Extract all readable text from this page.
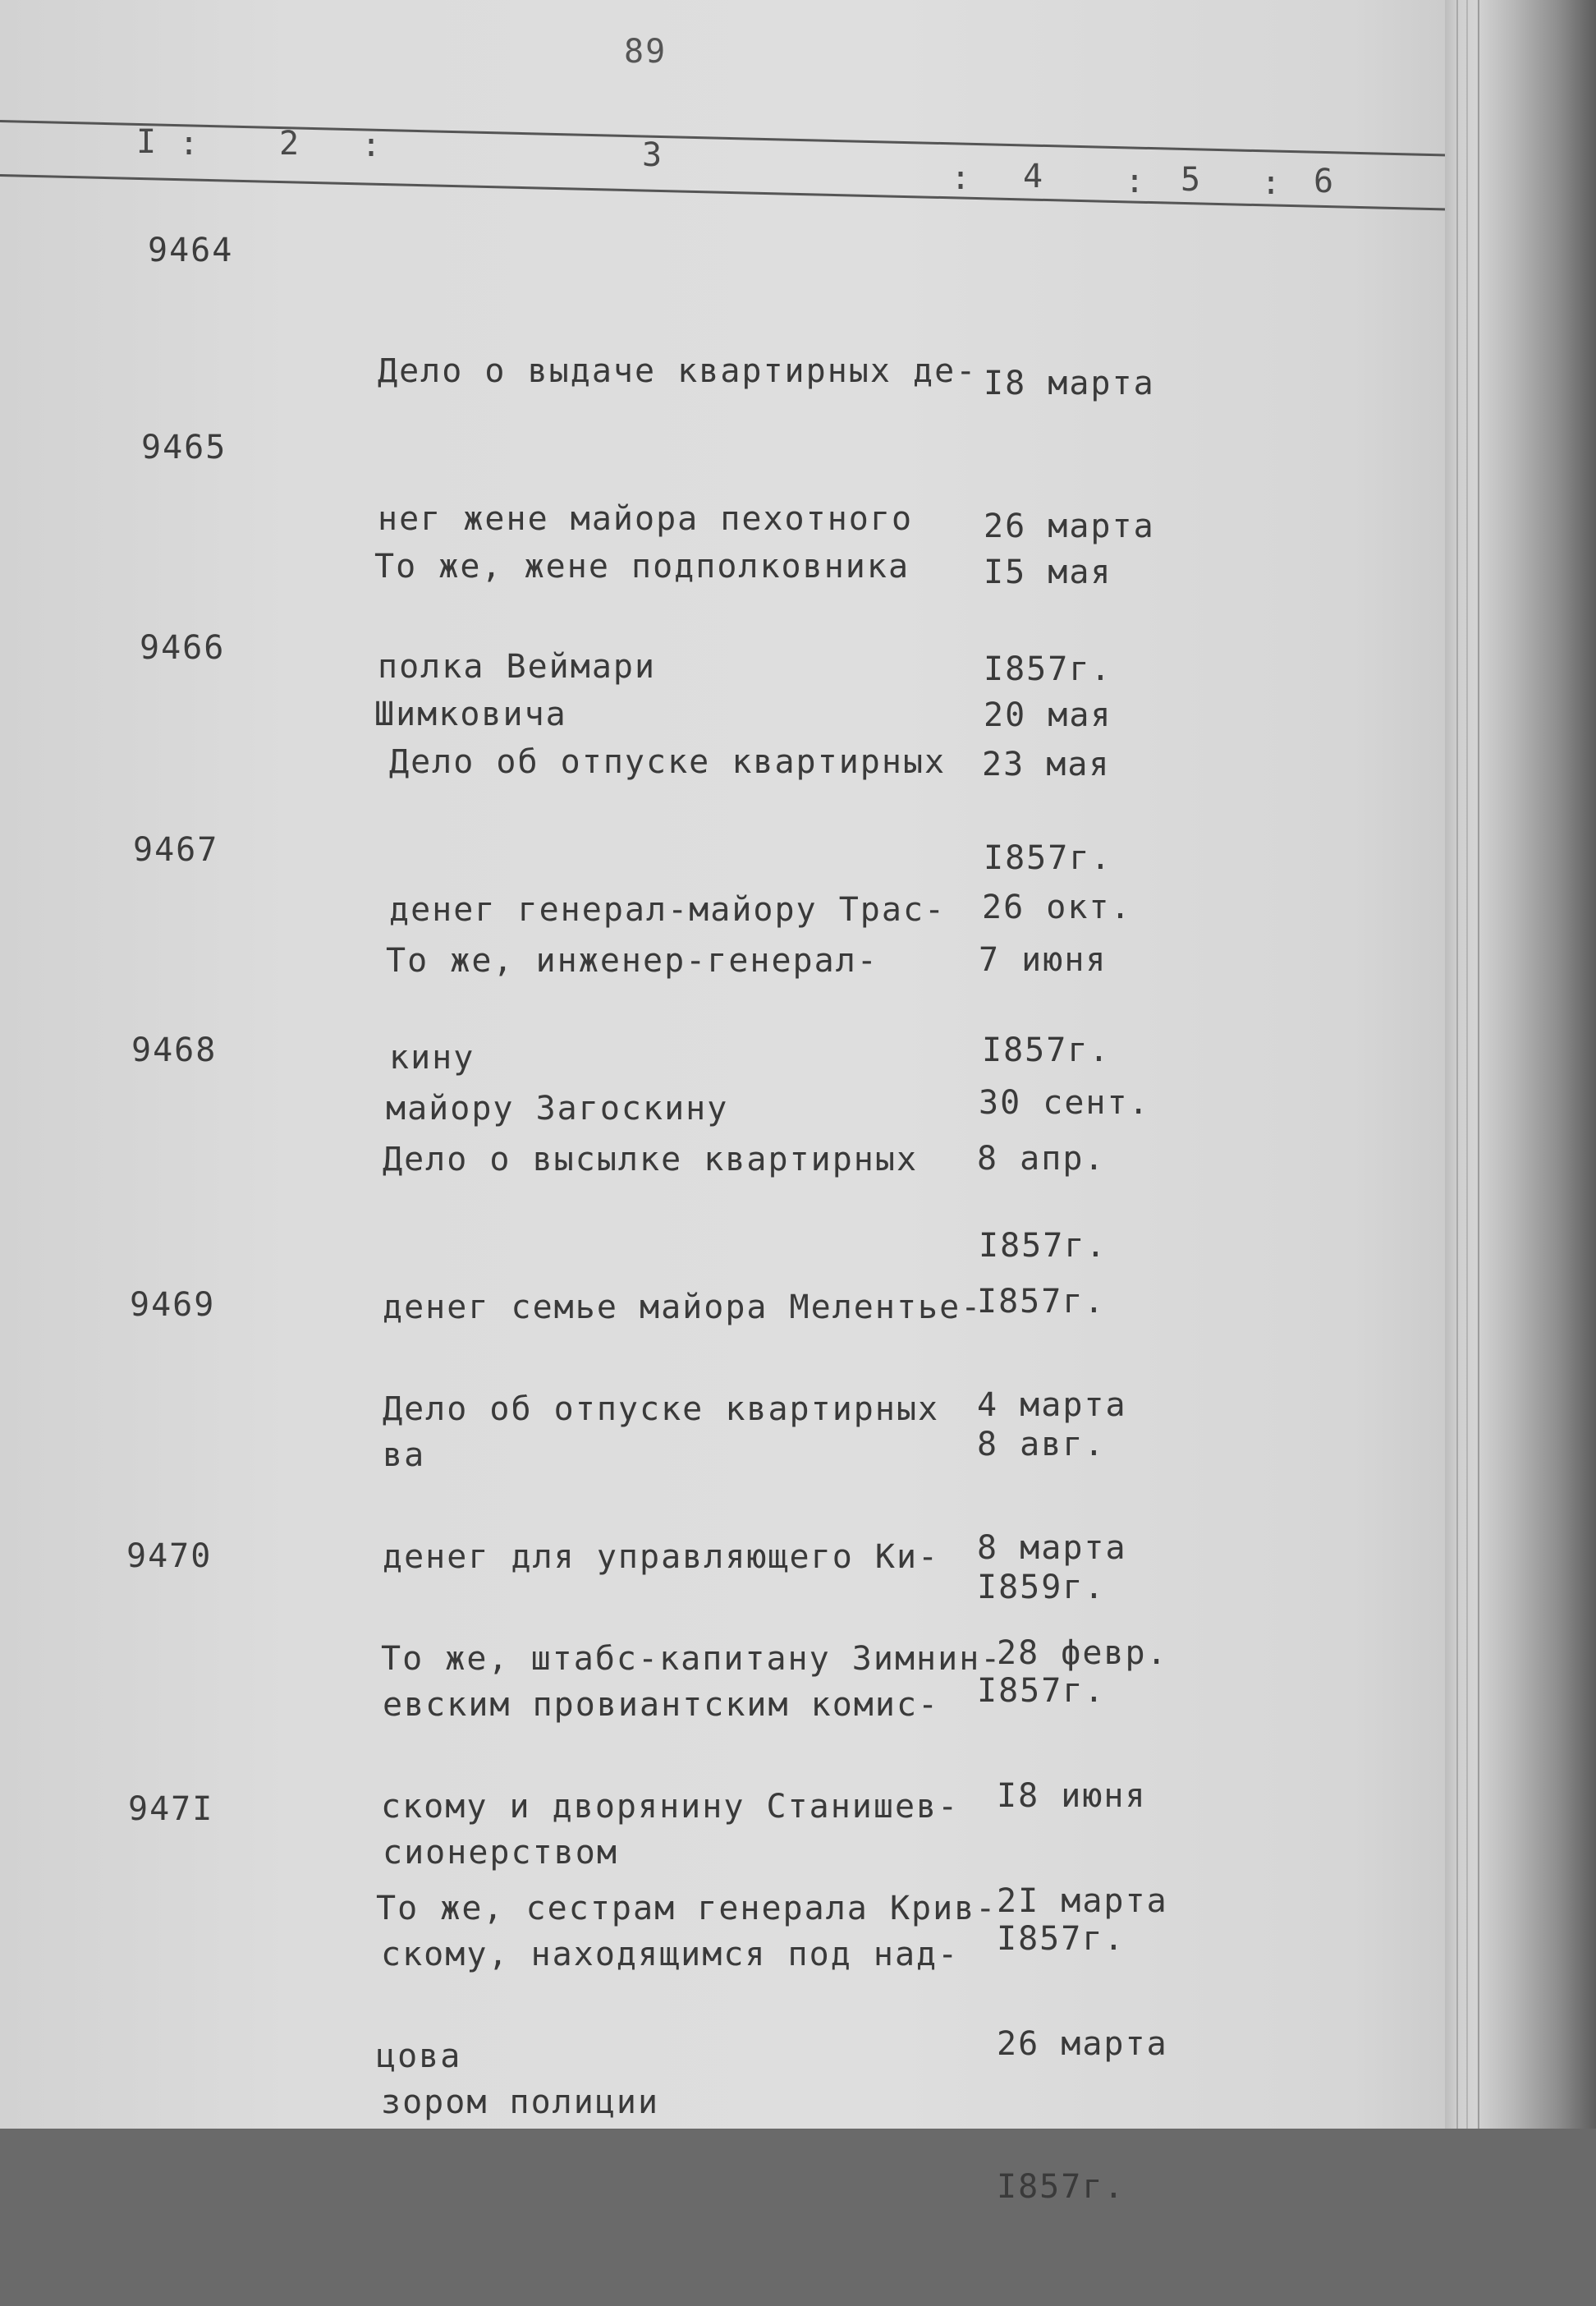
89
I : 2 :	3
: 4 : 5 : 6
9464

Дело о выдаче квартирных де-

нег жене майора пехотного

полка Веймари

I8 марта

26 марта

I857г.

9465

То же, жене подполковника

Шимковича

I5 мая

20 мая

I857г.

9466

Дело об отпуске квартирных

денег генерал-майору Трас-

кину

23 мая

26 окт.

I857г.

9467

То же, инженер-генерал-

майору Загоскину

7 июня

30 сент.

I857г.

9468

Дело о высылке квартирных

денег семье майора Мелентье-

ва

8 апр.

I857г.

8 авг.

I859г.

9469

Дело об отпуске квартирных

денег для управляющего Ки-

евским провиантским комис-

сионерством

4 марта

8 марта

I857г.

9470

То же, штабс-капитану Зимнин-

скому и дворянину Станишев-

скому, находящимся под над-

зором полиции

28 февр.

I8 июня

I857г.

947I

То же, сестрам генерала Крив-

цова

2I марта

26 марта

I857г.
